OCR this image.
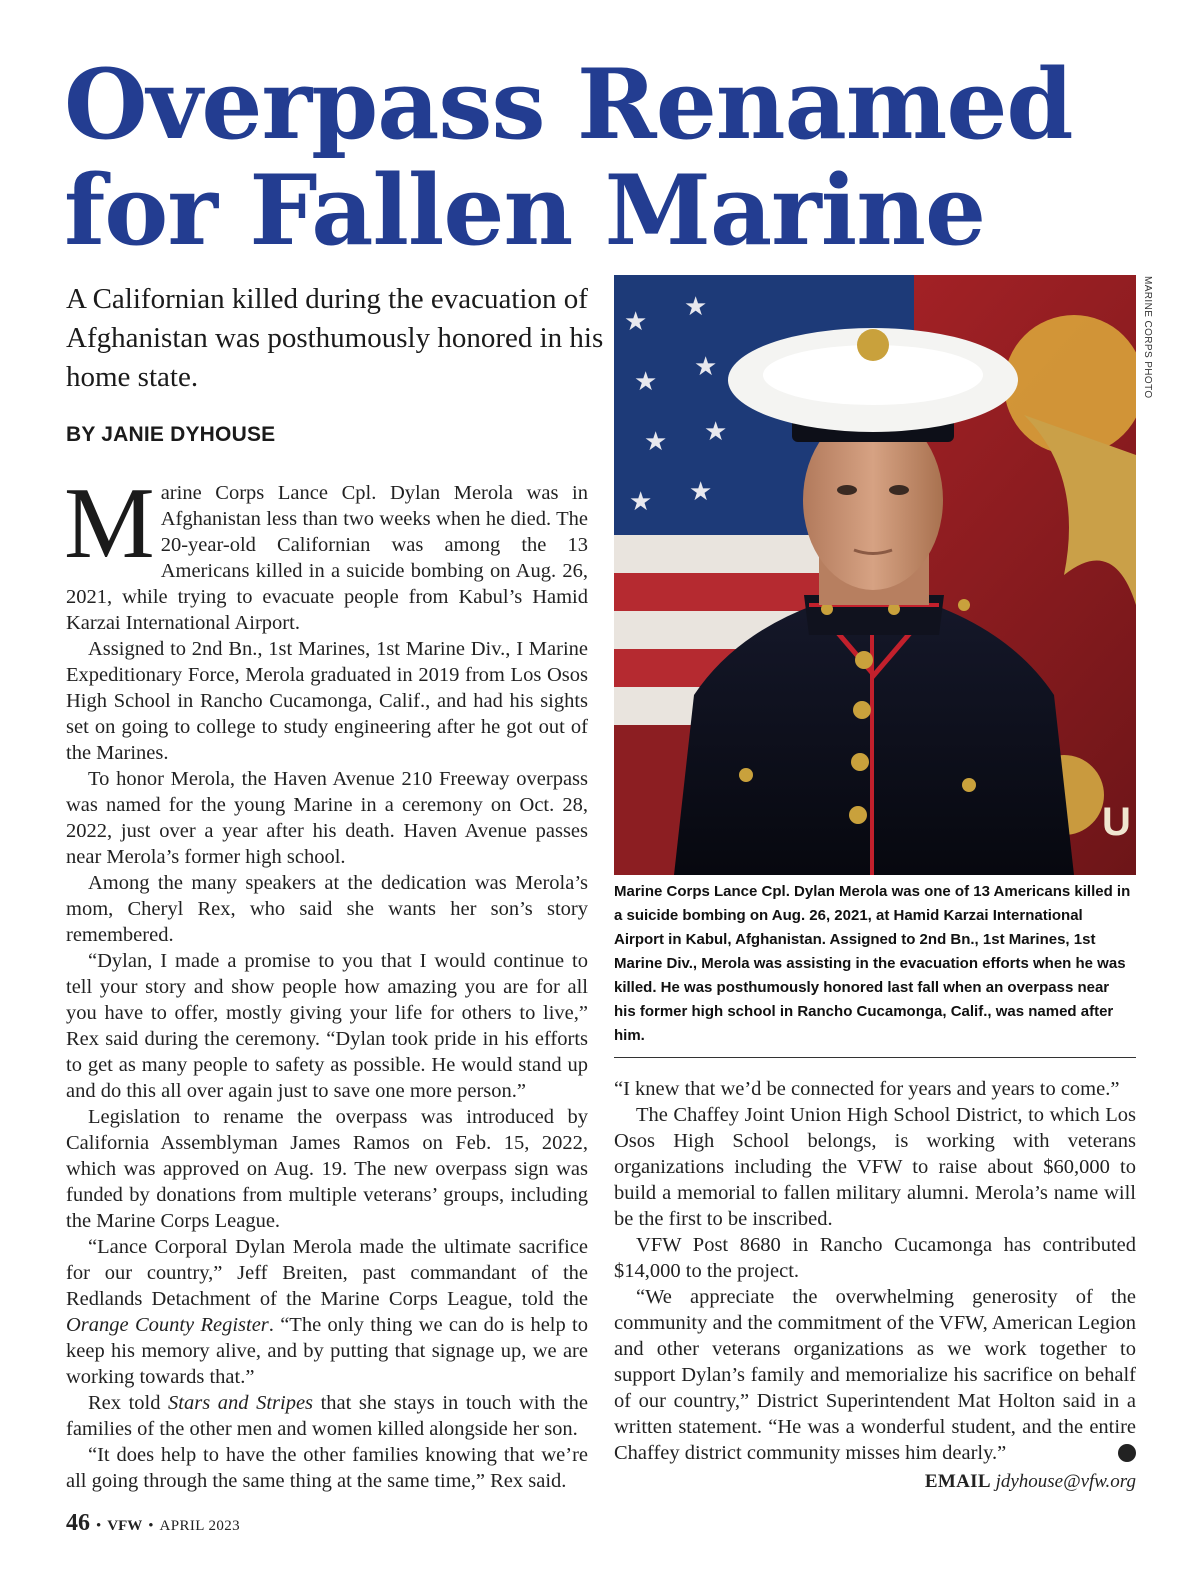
Overpass Renamed
for Fallen Marine

A Californian killed during the evacuation of Afghanistan was posthumously honored in his home state.

BY JANIE DYHOUSE

Marine Corps Lance Cpl. Dylan Merola was in Afghanistan less than two weeks when he died. The 20-year-old Californian was among the 13 Americans killed in a suicide bombing on Aug. 26, 2021, while trying to evacuate people from Kabul’s Hamid Karzai International Airport.

Assigned to 2nd Bn., 1st Marines, 1st Marine Div., I Marine Expeditionary Force, Merola graduated in 2019 from Los Osos High School in Rancho Cucamonga, Calif., and had his sights set on going to college to study engineering after he got out of the Marines.

To honor Merola, the Haven Avenue 210 Freeway overpass was named for the young Marine in a ceremony on Oct. 28, 2022, just over a year after his death. Haven Avenue passes near Merola’s former high school.

Among the many speakers at the dedication was Merola’s mom, Cheryl Rex, who said she wants her son’s story remembered.

“Dylan, I made a promise to you that I would continue to tell your story and show people how amazing you are for all you have to offer, mostly giving your life for others to live,” Rex said during the ceremony. “Dylan took pride in his efforts to get as many people to safety as possible. He would stand up and do this all over again just to save one more person.”

Legislation to rename the overpass was introduced by California Assemblyman James Ramos on Feb. 15, 2022, which was approved on Aug. 19. The new overpass sign was funded by donations from multiple veterans’ groups, including the Marine Corps League.

“Lance Corporal Dylan Merola made the ultimate sacrifice for our country,” Jeff Breiten, past commandant of the Redlands Detachment of the Marine Corps League, told the Orange County Register. “The only thing we can do is help to keep his memory alive, and by putting that signage up, we are working towards that.”

Rex told Stars and Stripes that she stays in touch with the families of the other men and women killed alongside her son.

“It does help to have the other families knowing that we’re all going through the same thing at the same time,” Rex said.

★ ★
★ ★
★ ★
★ ★
U
MARINE CORPS PHOTO

Marine Corps Lance Cpl. Dylan Merola was one of 13 Americans killed in a suicide bombing on Aug. 26, 2021, at Hamid Karzai International Airport in Kabul, Afghanistan. Assigned to 2nd Bn., 1st Marines, 1st Marine Div., Merola was assisting in the evacuation efforts when he was killed. He was posthumously honored last fall when an overpass near his former high school in Rancho Cucamonga, Calif., was named after him.

“I knew that we’d be connected for years and years to come.”

The Chaffey Joint Union High School District, to which Los Osos High School belongs, is working with veterans organizations including the VFW to raise about $60,000 to build a memorial to fallen military alumni. Merola’s name will be the first to be inscribed.

VFW Post 8680 in Rancho Cucamonga has contributed $14,000 to the project.

“We appreciate the overwhelming generosity of the community and the commitment of the VFW, American Legion and other veterans organizations as we work together to support Dylan’s family and memorialize his sacrifice on behalf of our country,” District Superintendent Mat Holton said in a written statement. “He was a wonderful student, and the entire Chaffey district community misses him dearly.”	✪

EMAIL jdyhouse@vfw.org

46 • VFW • APRIL 2023
